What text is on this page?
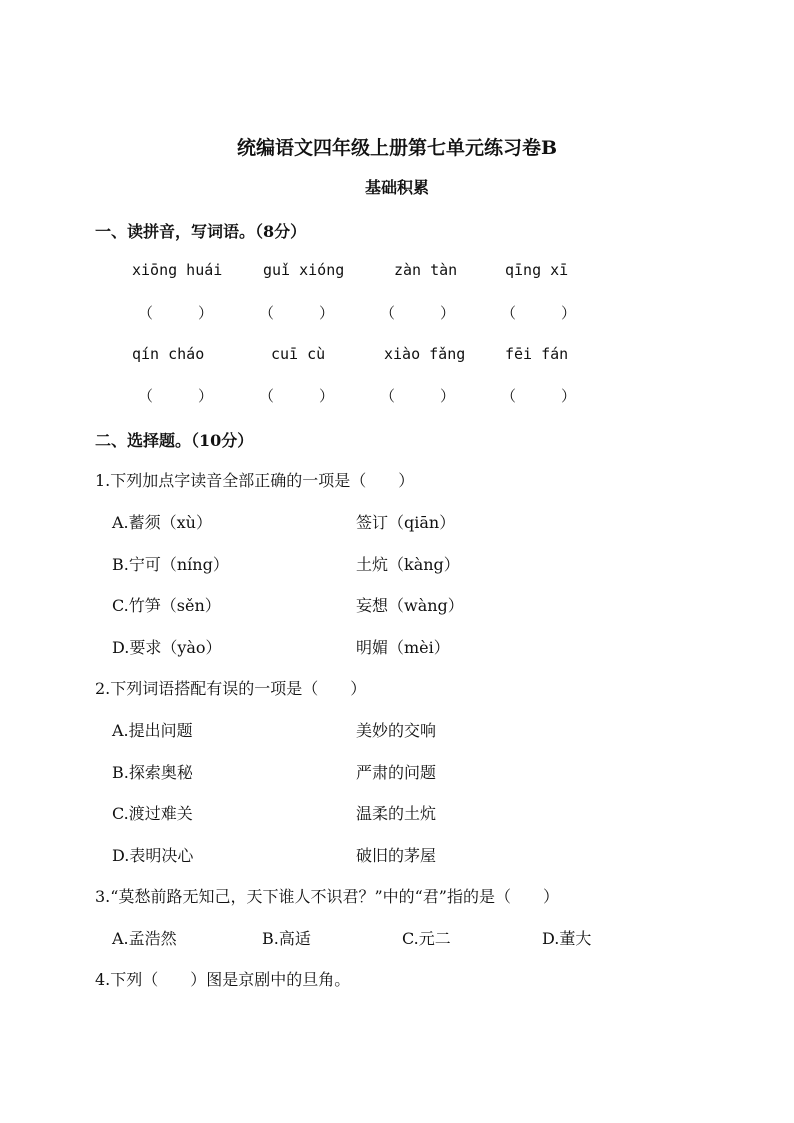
统编语文四年级上册第七单元练习卷B
基础积累
一、读拼音，写词语。（8分）
xiōng huái	guǐ xióng	zàn tàn	qīng xī
（　　　）	（　　　）	（　　　）	（　　　）
qín cháo	cuī cù	xiào fǎng	fēi fán
（　　　）	（　　　）	（　　　）	（　　　）
二、选择题。（10分）
1.下列加点字读音全部正确的一项是（　　）
A.蓄须（xù）	签订（qiān）
B.宁可（níng）	土炕（kàng）
C.竹笋（sěn）	妄想（wàng）
D.要求（yào）	明媚（mèi）
2.下列词语搭配有误的一项是（　　）
A.提出问题	美妙的交响
B.探索奥秘	严肃的问题
C.渡过难关	温柔的土炕
D.表明决心	破旧的茅屋
3.“莫愁前路无知己，天下谁人不识君？”中的“君”指的是（　　）
A.孟浩然	B.高适	C.元二	D.董大
4.下列（　　）图是京剧中的旦角。
